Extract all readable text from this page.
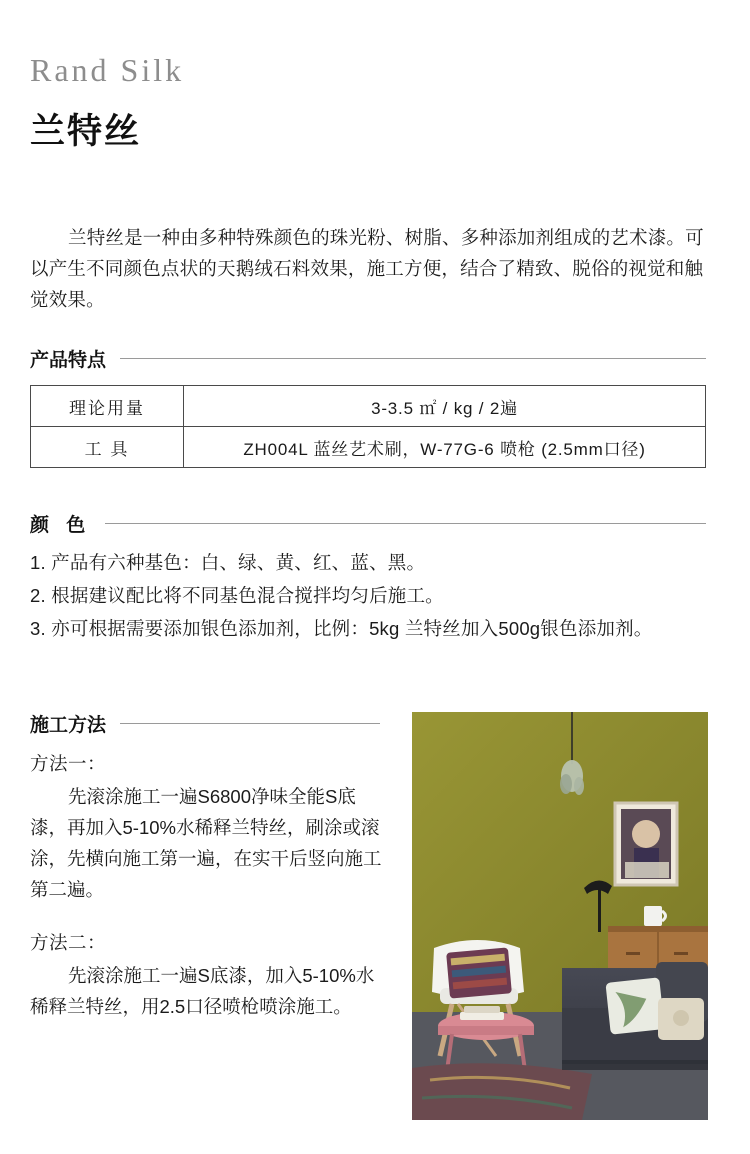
Rand Silk
兰特丝

兰特丝是一种由多种特殊颜色的珠光粉、树脂、多种添加剂组成的艺术漆。可以产生不同颜色点状的天鹅绒石料效果，施工方便，结合了精致、脱俗的视觉和触觉效果。

产品特点
理论用量	3-3.5 ㎡ / kg / 2遍
工 具	ZH004L 蓝丝艺术刷，W-77G-6 喷枪 (2.5mm口径)
颜 色
1. 产品有六种基色：白、绿、黄、红、蓝、黑。
2. 根据建议配比将不同基色混合搅拌均匀后施工。
3. 亦可根据需要添加银色添加剂，比例：5kg 兰特丝加入500g银色添加剂。
施工方法
方法一：
先滚涂施工一遍S6800净味全能S底漆，再加入5-10%水稀释兰特丝，刷涂或滚涂，先横向施工第一遍，在实干后竖向施工第二遍。
方法二：
先滚涂施工一遍S底漆，加入5-10%水稀释兰特丝，用2.5口径喷枪喷涂施工。
